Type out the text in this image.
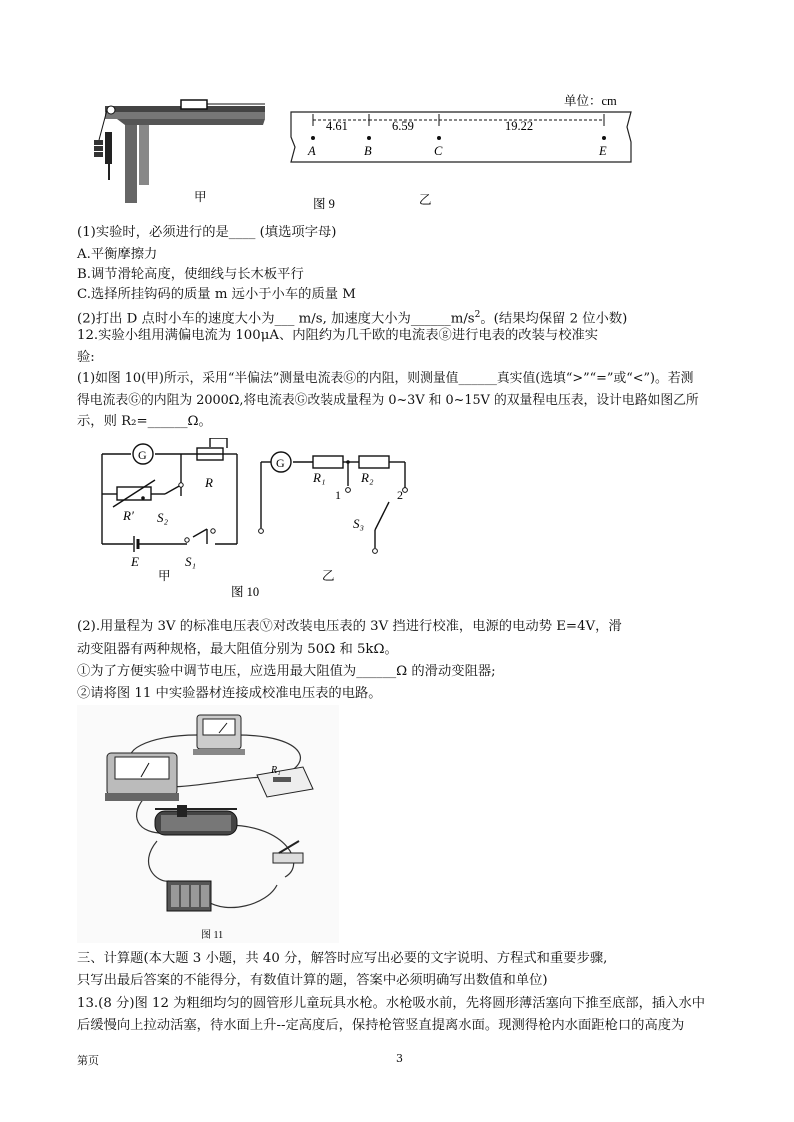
单位：cm
4.61	6.59	19.22
A	B	C	E
甲	图 9	乙
(1)实验时，必须进行的是____ (填选项字母)
A.平衡摩擦力
B.调节滑轮高度，使细线与长木板平行
C.选择所挂钩码的质量 m 远小于小车的质量 M
(2)打出 D 点时小车的速度大小为___ m/s, 加速度大小为$\_\_\_\_\_\_m/s^2$。(结果均保留 2 位小数)
12.实验小组用满偏电流为 100μA、内阻约为几千欧的电流表ⓖ进行电表的改装与校准实
验:
(1)如图 10(甲)所示，采用“半偏法”测量电流表Ⓖ的内阻，则测量值______真实值(选填“>”“=”或“<”)。若测
得电流表Ⓖ的内阻为 2000Ω,将电流表Ⓖ改装成量程为 0~3V 和 0~15V 的双量程电压表，设计电路如图乙所
示，则 R₂=______Ω。
G
G
R
R′ S₂
E	S₁
甲
图 10
R₁	R₂
1	2
S₃
乙
(2).用量程为 3V 的标准电压表Ⓥ对改装电压表的 3V 挡进行校准，电源的电动势 E=4V，滑
动变阻器有两种规格，最大阻值分别为 50Ω 和 5kΩ。
①为了方便实验中调节电压，应选用最大阻值为______Ω 的滑动变阻器;
②请将图 11 中实验器材连接成校准电压表的电路。
R₁
图 11
三、计算题(本大题 3 小题，共 40 分，解答时应写出必要的文字说明、方程式和重要步骤,
只写出最后答案的不能得分，有数值计算的题，答案中必须明确写出数值和单位)
13.(8 分)图 12 为粗细均匀的圆管形儿童玩具水枪。水枪吸水前，先将圆形薄活塞向下推至底部，插入水中
后缓慢向上拉动活塞，待水面上升--定高度后，保持枪管竖直提离水面。现测得枪内水面距枪口的高度为
第页	3
